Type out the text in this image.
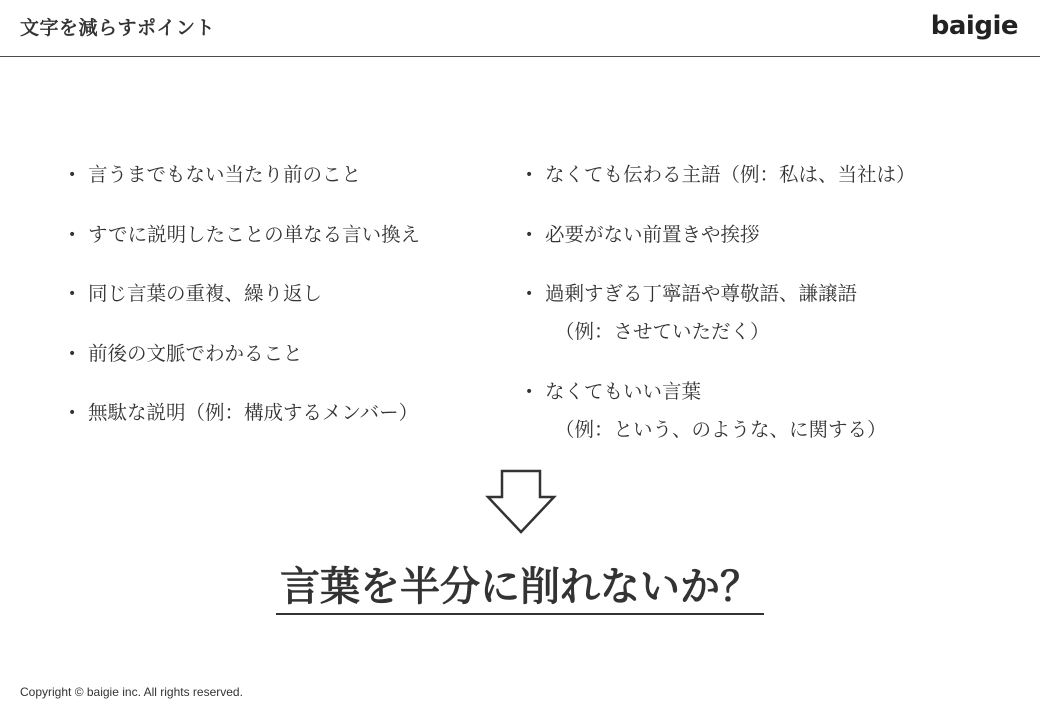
文字を減らすポイント	baigie
• 言うまでもない当たり前のこと
• すでに説明したことの単なる言い換え
• 同じ言葉の重複、繰り返し
• 前後の文脈でわかること
• 無駄な説明（例：構成するメンバー）
• なくても伝わる主語（例：私は、当社は）
• 必要がない前置きや挨拶
• 過剰すぎる丁寧語や尊敬語、謙譲語
（例：させていただく）
• なくてもいい言葉
（例：という、のような、に関する）
言葉を半分に削れないか？
Copyright © baigie inc. All rights reserved.
